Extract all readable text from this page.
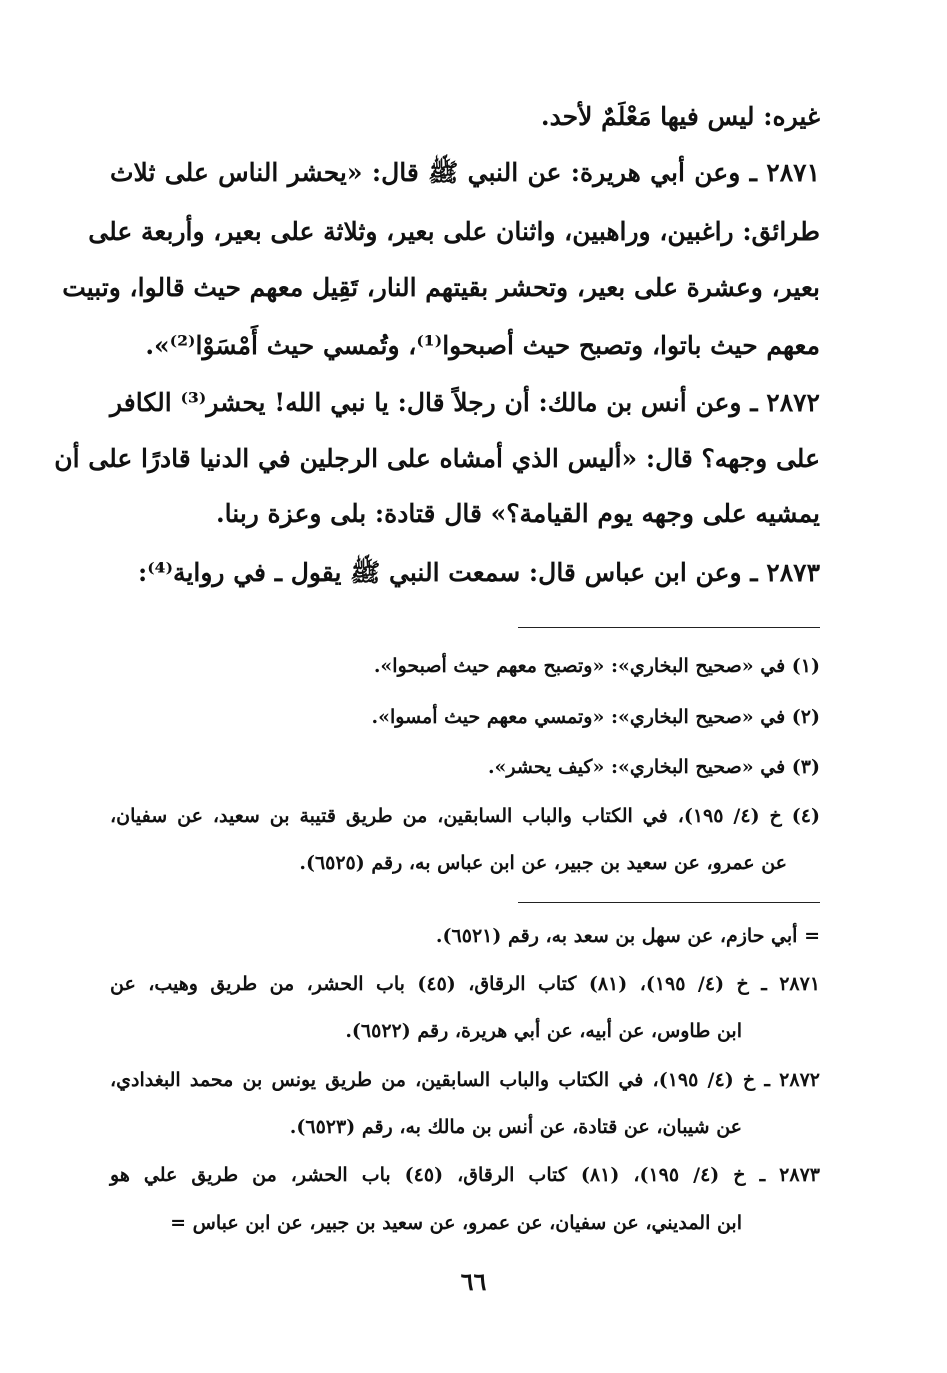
غيره: ليس فيها مَعْلَمٌ لأحد.
٢٨٧١ ـ وعن أبي هريرة: عن النبي ﷺ قال: «يحشر الناس على ثلاث
طرائق: راغبين، وراهبين، واثنان على بعير، وثلاثة على بعير، وأربعة على
بعير، وعشرة على بعير، وتحشر بقيتهم النار، تَقِيل معهم حيث قالوا، وتبيت
معهم حيث باتوا، وتصبح حيث أصبحوا⁽¹⁾، وتُمسي حيث أَمْسَوْا⁽²⁾».
٢٨٧٢ ـ وعن أنس بن مالك: أن رجلاً قال: يا نبي الله! يحشر⁽³⁾ الكافر
على وجهه؟ قال: «أليس الذي أمشاه على الرجلين في الدنيا قادرًا على أن
يمشيه على وجهه يوم القيامة؟» قال قتادة: بلى وعزة ربنا.
٢٨٧٣ ـ وعن ابن عباس قال: سمعت النبي ﷺ يقول ـ في رواية⁽⁴⁾:
(١) في «صحيح البخاري»: «وتصبح معهم حيث أصبحوا».
(٢) في «صحيح البخاري»: «وتمسي معهم حيث أمسوا».
(٣) في «صحيح البخاري»: «كيف يحشر».
(٤) خ (٤/ ١٩٥)، في الكتاب والباب السابقين، من طريق قتيبة بن سعيد، عن سفيان،
عن عمرو، عن سعيد بن جبير، عن ابن عباس به، رقم (٦٥٢٥).
= أبي حازم، عن سهل بن سعد به، رقم (٦٥٢١).
٢٨٧١ ـ خ (٤/ ١٩٥)، (٨١) كتاب الرقاق، (٤٥) باب الحشر، من طريق وهيب، عن
ابن طاوس، عن أبيه، عن أبي هريرة، رقم (٦٥٢٢).
٢٨٧٢ ـ خ (٤/ ١٩٥)، في الكتاب والباب السابقين، من طريق يونس بن محمد البغدادي،
عن شيبان، عن قتادة، عن أنس بن مالك به، رقم (٦٥٢٣).
٢٨٧٣ ـ خ (٤/ ١٩٥)، (٨١) كتاب الرقاق، (٤٥) باب الحشر، من طريق علي هو
ابن المديني، عن سفيان، عن عمرو، عن سعيد بن جبير، عن ابن عباس =
٦٦
